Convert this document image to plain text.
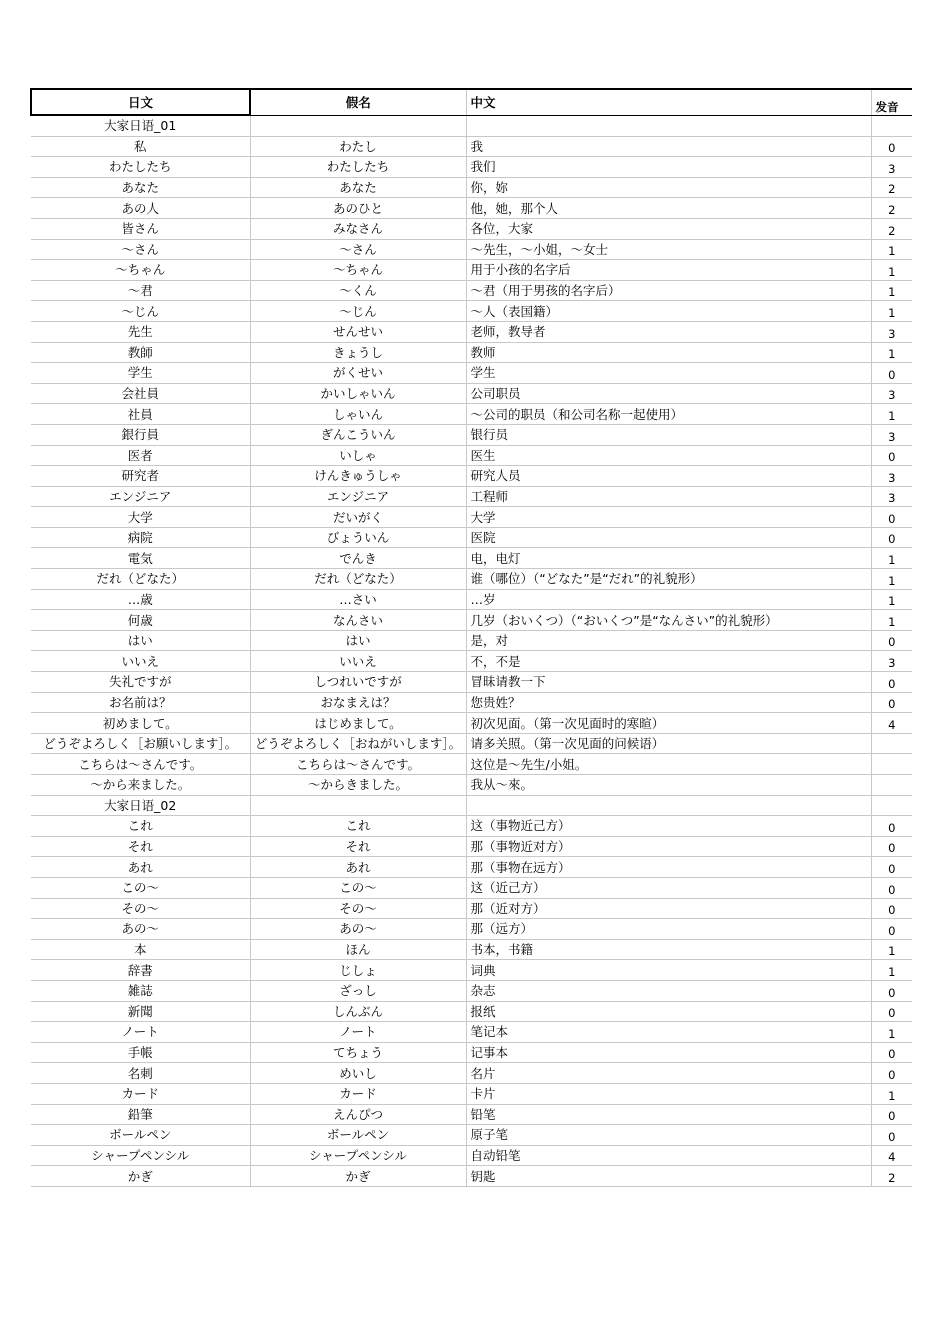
日文	假名	中文	发音
大家日语_01			
私	わたし	我	0
わたしたち	わたしたち	我们	3
あなた	あなた	你，妳	2
あの人	あのひと	他，她，那个人	2
皆さん	みなさん	各位，大家	2
～さん	～さん	～先生，～小姐，～女士	1
～ちゃん	～ちゃん	用于小孩的名字后	1
～君	～くん	～君（用于男孩的名字后）	1
～じん	～じん	～人（表国籍）	1
先生	せんせい	老师，教导者	3
教師	きょうし	教师	1
学生	がくせい	学生	0
会社員	かいしゃいん	公司职员	3
社員	しゃいん	～公司的职员（和公司名称一起使用）	1
銀行員	ぎんこういん	银行员	3
医者	いしゃ	医生	0
研究者	けんきゅうしゃ	研究人员	3
エンジニア	エンジニア	工程师	3
大学	だいがく	大学	0
病院	びょういん	医院	0
電気	でんき	电，电灯	1
だれ（どなた）	だれ（どなた）	谁（哪位）（“どなた”是“だれ”的礼貌形）	1
…歳	…さい	…岁	1
何歳	なんさい	几岁（おいくつ）（“おいくつ”是“なんさい”的礼貌形）	1
はい	はい	是，对	0
いいえ	いいえ	不，不是	3
失礼ですが	しつれいですが	冒昧请教一下	0
お名前は？	おなまえは？	您贵姓？	0
初めまして。	はじめまして。	初次见面。（第一次见面时的寒暄）	4
どうぞよろしく［お願いします］。	どうぞよろしく［おねがいします］。	请多关照。（第一次见面的问候语）	
こちらは～さんです。	こちらは～さんです。	这位是～先生/小姐。	
～から来ました。	～からきました。	我从～來。	
大家日语_02			
これ	これ	这（事物近己方）	0
それ	それ	那（事物近对方）	0
あれ	あれ	那（事物在远方）	0
この～	この～	这（近己方）	0
その～	その～	那（近对方）	0
あの～	あの～	那（远方）	0
本	ほん	书本，书籍	1
辞書	じしょ	词典	1
雑誌	ざっし	杂志	0
新聞	しんぶん	报纸	0
ノート	ノート	笔记本	1
手帳	てちょう	记事本	0
名刺	めいし	名片	0
カード	カード	卡片	1
鉛筆	えんぴつ	铅笔	0
ボールペン	ボールペン	原子笔	0
シャープペンシル	シャープペンシル	自动铅笔	4
かぎ	かぎ	钥匙	2
